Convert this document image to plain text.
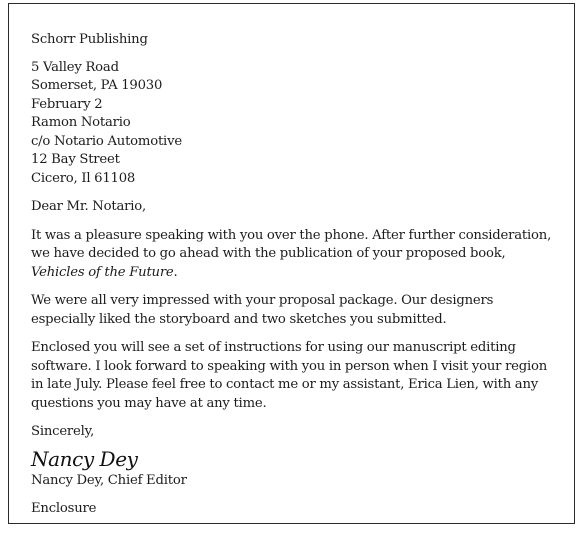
Schorr Publishing

5 Valley Road

Somerset, PA 19030

February 2

Ramon Notario

c/o Notario Automotive

12 Bay Street

Cicero, Il 61108

Dear Mr. Notario,

It was a pleasure speaking with you over the phone. After further consideration, we have decided to go ahead with the publication of your proposed book, Vehicles of the Future.

We were all very impressed with your proposal package. Our designers especially liked the storyboard and two sketches you submitted.

Enclosed you will see a set of instructions for using our manuscript editing software. I look forward to speaking with you in person when I visit your region in late July. Please feel free to contact me or my assistant, Erica Lien, with any questions you may have at any time.

Sincerely,

Nancy Dey

Nancy Dey, Chief Editor

Enclosure
